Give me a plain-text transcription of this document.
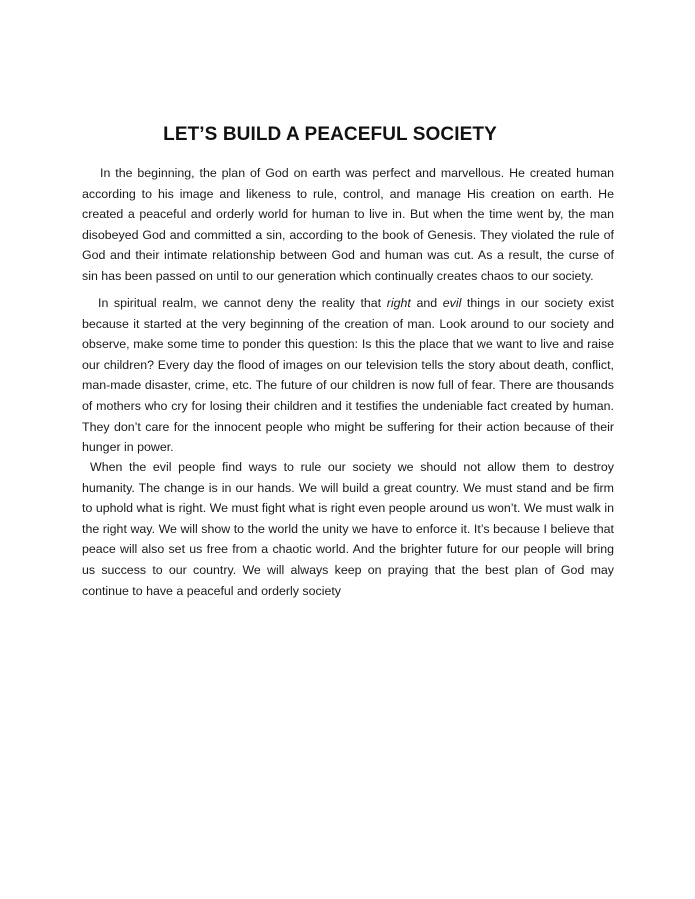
LET’S BUILD A PEACEFUL SOCIETY

In the beginning, the plan of God on earth was perfect and marvellous. He created human according to his image and likeness to rule, control, and manage His creation on earth. He created a peaceful and orderly world for human to live in. But when the time went by, the man disobeyed God and committed a sin, according to the book of Genesis. They violated the rule of God and their intimate relationship between God and human was cut. As a result, the curse of sin has been passed on until to our generation which continually creates chaos to our society.

In spiritual realm, we cannot deny the reality that right and evil things in our society exist because it started at the very beginning of the creation of man. Look around to our society and observe, make some time to ponder this question: Is this the place that we want to live and raise our children? Every day the flood of images on our television tells the story about death, conflict, man-made disaster, crime, etc. The future of our children is now full of fear. There are thousands of mothers who cry for losing their children and it testifies the undeniable fact created by human. They don’t care for the innocent people who might be suffering for their action because of their hunger in power.

When the evil people find ways to rule our society we should not allow them to destroy humanity. The change is in our hands. We will build a great country. We must stand and be firm to uphold what is right. We must fight what is right even people around us won’t. We must walk in the right way. We will show to the world the unity we have to enforce it. It’s because I believe that peace will also set us free from a chaotic world. And the brighter future for our people will bring us success to our country. We will always keep on praying that the best plan of God may continue to have a peaceful and orderly society
